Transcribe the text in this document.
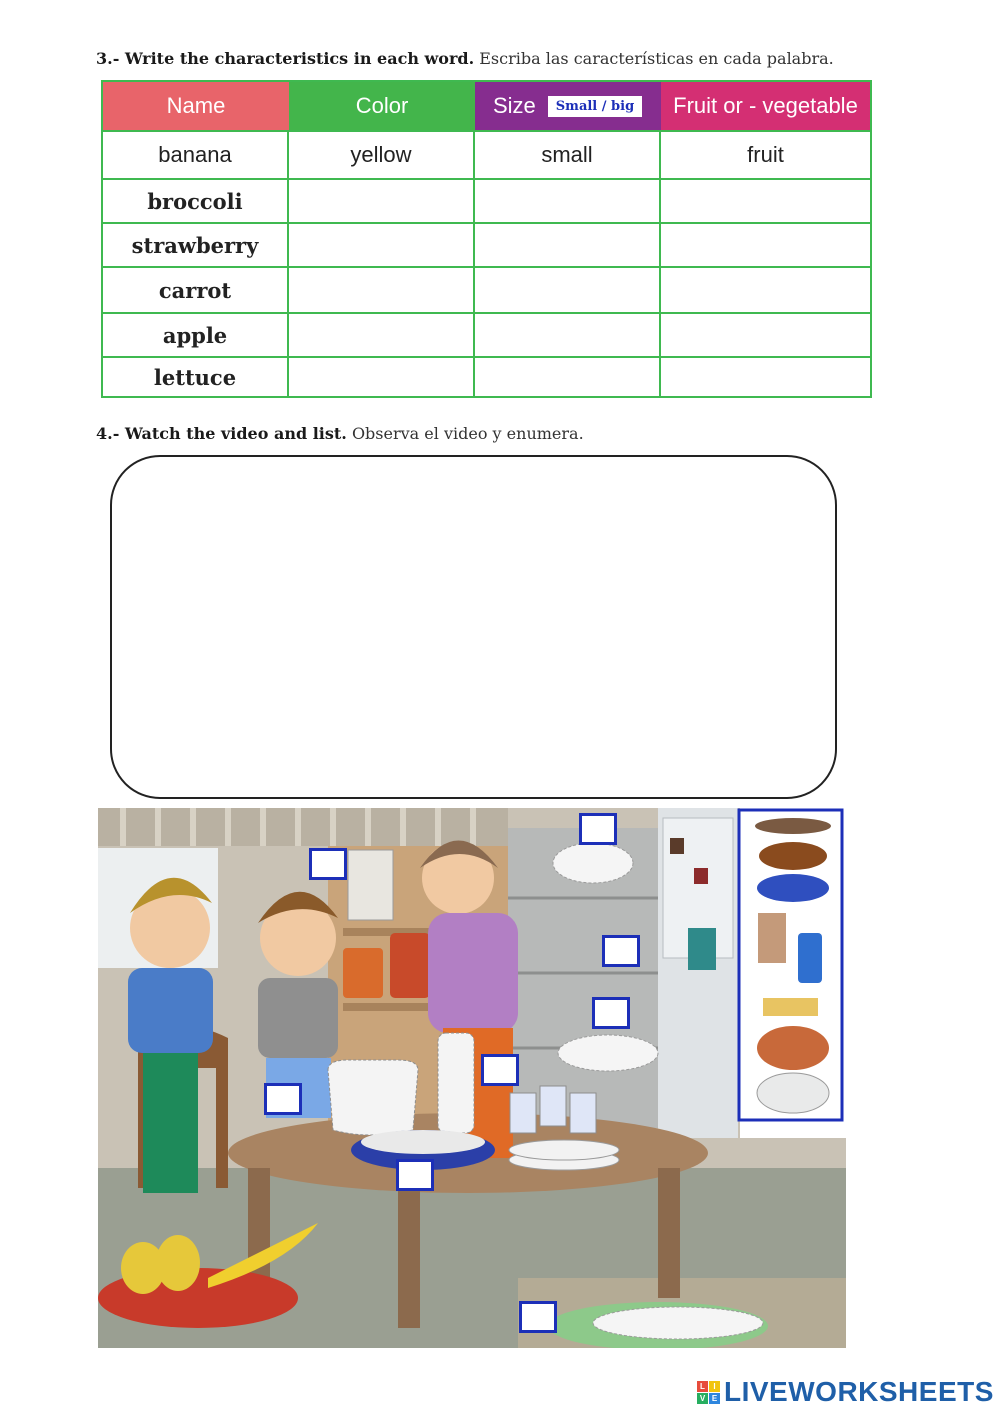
3.- Write the characteristics in each word. Escriba las características en cada palabra.
Name	Color	Size	Small / big	Fruit or - vegetable
banana	yellow	small	fruit
broccoli
strawberry
carrot
apple
lettuce
4.- Watch the video and list. Observa el video y enumera.
L	I
V E LIVEWORKSHEETS
